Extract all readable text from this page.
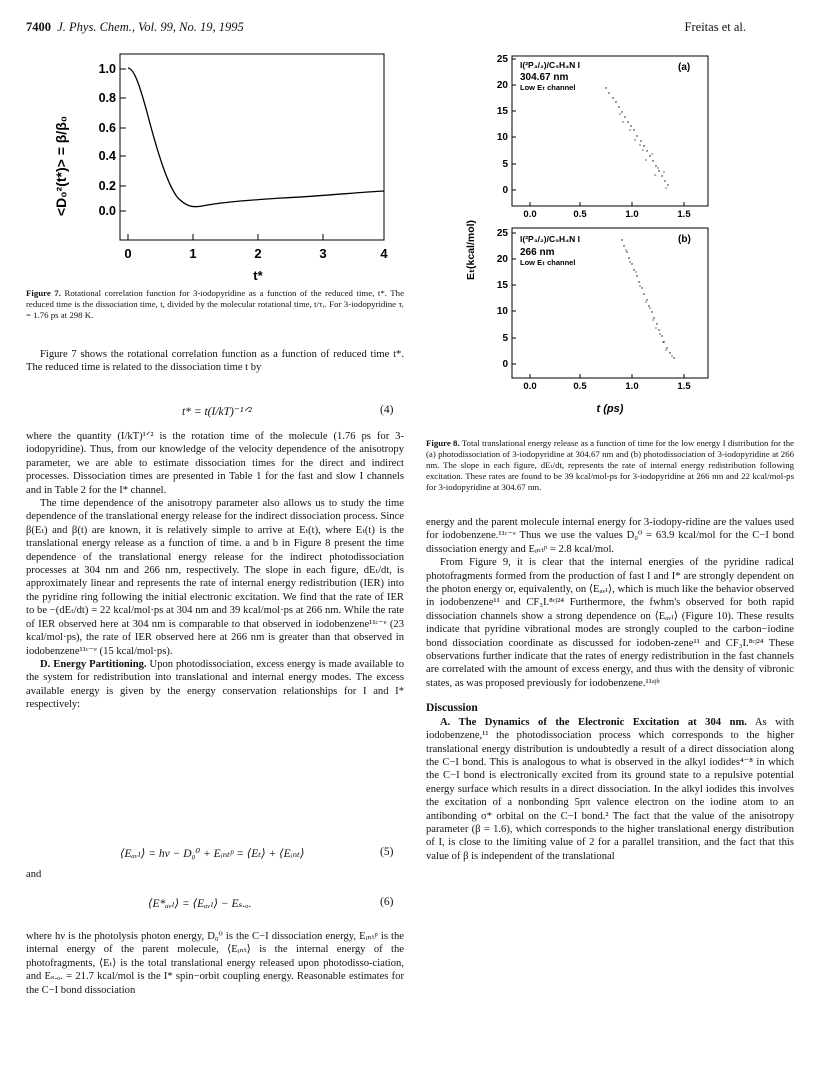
7400 J. Phys. Chem., Vol. 99, No. 19, 1995	Freitas et al.
<D₀²(t*)> = β/β₀ 0.0
0.2
0.4
0.6
0.8
1.0
0	1	2	3	4
t*
Figure 7. Rotational correlation function for 3-iodopyridine as a function of the reduced time, t*. The reduced time is the dissociation time, t, divided by the molecular rotational time, t/τᵣ. For 3-iodopyridine τᵣ = 1.76 ps at 298 K.

Figure 7 shows the rotational correlation function as a function of reduced time t*. The reduced time is related to the dissociation time t by

t* = t(I/kT)⁻¹ᐟ²	(4)

where the quantity (I/kT)¹ᐟ² is the rotation time of the molecule (1.76 ps for 3-iodopyridine). Thus, from our knowledge of the velocity dependence of the anisotropy parameter, we are able to estimate dissociation times for the direct and indirect processes. Dissociation times are presented in Table 1 for the fast and slow I channels and in Table 2 for the I* channel.

The time dependence of the anisotropy parameter also allows us to study the time dependence of the translational energy release for the indirect dissociation process. Since β(Eₜ) and β(t) are known, it is relatively simple to arrive at Eₜ(t), where Eₜ(t) is the translational energy release as a function of time. a and b in Figure 8 present the time dependence of the translational energy release for the indirect photodissociation processes at 304 nm and 266 nm, respectively. The slope in each figure, dEₜ/dt, is approximately linear and represents the rate of internal energy redistribution (IER) into the pyridine ring following the initial electronic excitation. We find that the rate of IER to be −(dEₜ/dt) = 22 kcal/mol·ps at 304 nm and 39 kcal/mol·ps at 266 nm. While the rate of IER observed here at 304 nm is comparable to that observed in iodobenzene¹¹ᶜ⁻ᵉ (23 kcal/mol·ps), the rate of IER observed here at 266 nm is greater than that observed in iodobenzene¹¹ᶜ⁻ᵉ (15 kcal/mol·ps).

D. Energy Partitioning. Upon photodissociation, excess energy is made available to the system for redistribution into translational and internal energy modes. The excess available energy is given by the energy conservation relationships for I and I* respectively:

⟨Eₐᵥₗ⟩ = hν − D₀⁰ + Eᵢₙₜᵖ = ⟨Eₜ⟩ + ⟨Eᵢₙₜ⟩	(5)
and
⟨E*ₐᵥₗ⟩ = ⟨Eₐᵥₗ⟩ − Eₛ.ₒ.	(6)

where hν is the photolysis photon energy, D₀⁰ is the C−I dissociation energy, Eᵢₙₜᵖ is the internal energy of the parent molecule, ⟨Eᵢₙₜ⟩ is the internal energy of the photofragments, ⟨Eₜ⟩ is the total translational energy released upon photodisso-ciation, and Eₛ.ₒ. = 21.7 kcal/mol is the I* spin−orbit coupling energy. Reasonable estimates for the C−I bond dissociation

Eₜ(kcal/mol)
0
5
10
15
20
25
0.0	0.5	1.0	1.5
I(²P₃/₂)/C₅H₄N I
304.67 nm
Low Eₜ channel
(a)
0
5
10
15
20
25
0.0	0.5	1.0	1.5
I(²P₃/₂)/C₅H₄N I
266 nm
Low Eₜ channel
(b)
t (ps)
Figure 8. Total translational energy release as a function of time for the low energy I distribution for the (a) photodissociation of 3-iodopyridine at 304.67 nm and (b) photodissociation of 3-iodopyridine at 266 nm. The slope in each figure, dEₜ/dt, represents the rate of internal energy redistribution following excitation. These rates are found to be 39 kcal/mol-ps for 3-iodopyridine at 266 nm and 22 kcal/mol-ps for 3-iodopyridine at 304.67 nm.

energy and the parent molecule internal energy for 3-iodopy-ridine are the values used for iodobenzene.¹¹ᶜ⁻ᵉ Thus we use the values D₀⁰ = 63.9 kcal/mol for the C−I bond dissociation energy and Eᵢₙₜᵖ = 2.8 kcal/mol.

From Figure 9, it is clear that the internal energies of the pyridine radical photofragments formed from the production of fast I and I* are strongly dependent on the photon energy or, equivalently, on ⟨Eₐᵥₗ⟩, which is much like the behavior observed in iodobenzene¹¹ and CF₃I.⁸ᶜʲ²⁴ Furthermore, the fwhm's observed for both rapid dissociation channels show a strong dependence on ⟨Eₐᵥₗ⟩ (Figure 10). These results indicate that pyridine vibrational modes are strongly coupled to the carbon−iodine bond dissociation coordinate as discussed for iodoben-zene¹¹ and CF₃I.⁸ᶜʲ²⁴ These observations further indicate that the rates of energy redistribution in the fast channels are correlated with the amount of excess energy, and thus with the density of vibronic states, as was proposed previously for iodobenzene.¹¹ᵃʲᵇ

Discussion

A. The Dynamics of the Electronic Excitation at 304 nm. As with iodobenzene,¹¹ the photodissociation process which corresponds to the higher translational energy distribution is undoubtedly a result of a direct dissociation along the C−I bond. This is analogous to what is observed in the alkyl iodides⁴⁻⁸ in which the C−I bond is electronically excited from its ground state to a repulsive potential energy surface which results in a direct dissociation. In the alkyl iodides this involves the excitation of a nonbonding 5pπ valence electron on the iodine atom to an antibonding σ* orbital on the C−I bond.² The fact that the value of the anisotropy parameter (β = 1.6), which corresponds to the higher translational energy distribution of I, is close to the limiting value of 2 for a parallel transition, and the fact that this value of β is independent of the translational
